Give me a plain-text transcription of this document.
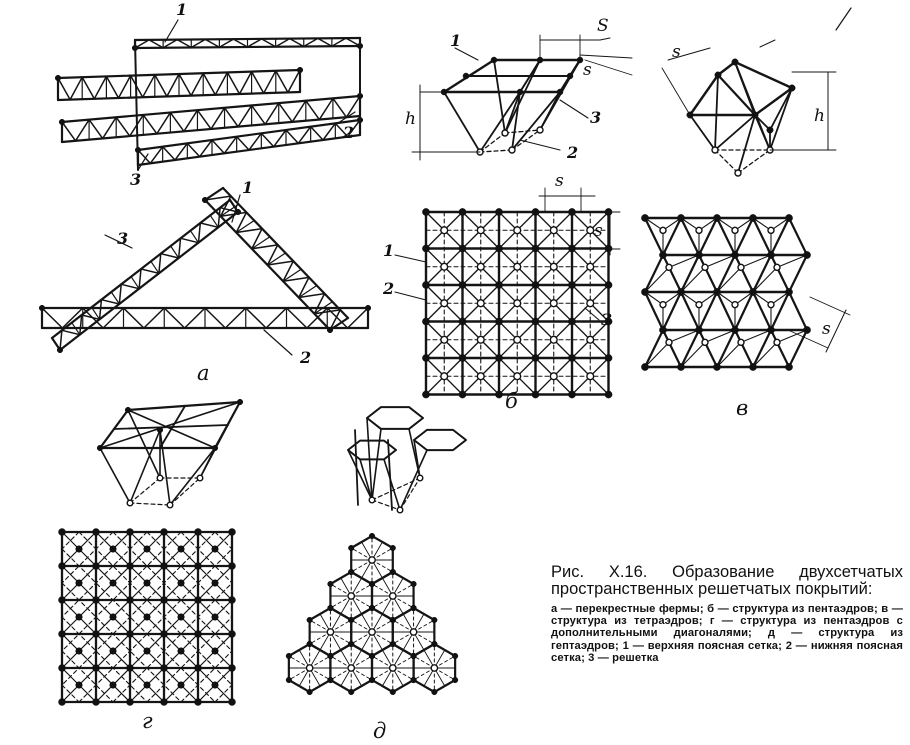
1
2
3	1
2
3
а
1
3
2
S
s
h
1
2
3
s
s
б
s
h
s
в
г	д

Рис. X.16. Образование двухсетчатых пространственных решетчатых покрытий:

а — перекрестные фермы; б — структура из пентаэдров; в — структура из тетраэдров; г — структура из пентаэдров с дополнительными диагоналями; д — структура из гептаэдров; 1 — верхняя поясная сетка; 2 — нижняя поясная сетка; 3 — решетка
